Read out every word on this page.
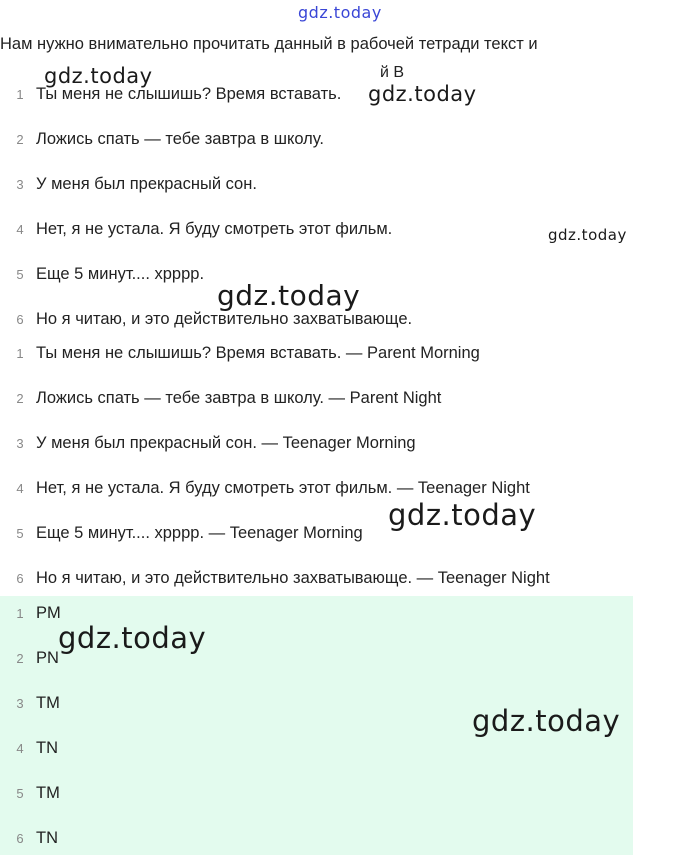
gdz.today
Нам нужно внимательно прочитать данный в рабочей тетради текст и
й В
1 Ты меня не слышишь? Время вставать.
2 Ложись спать — тебе завтра в школу.
3 У меня был прекрасный сон.
4 Нет, я не устала. Я буду смотреть этот фильм.
5 Еще 5 минут.... хрррр.
6 Но я читаю, и это действительно захватывающе.
1 Ты меня не слышишь? Время вставать. — Parent Morning
2 Ложись спать — тебе завтра в школу. — Parent Night
3 У меня был прекрасный сон. — Teenager Morning
4 Нет, я не устала. Я буду смотреть этот фильм. — Teenager Night
5 Еще 5 минут.... хрррр. — Teenager Morning
6 Но я читаю, и это действительно захватывающе. — Teenager Night
1 PM
2 PN
3 TM
4 TN
5 TM
6 TN
gdz.today
gdz.today
gdz.today
gdz.today
gdz.today
gdz.today
gdz.today
